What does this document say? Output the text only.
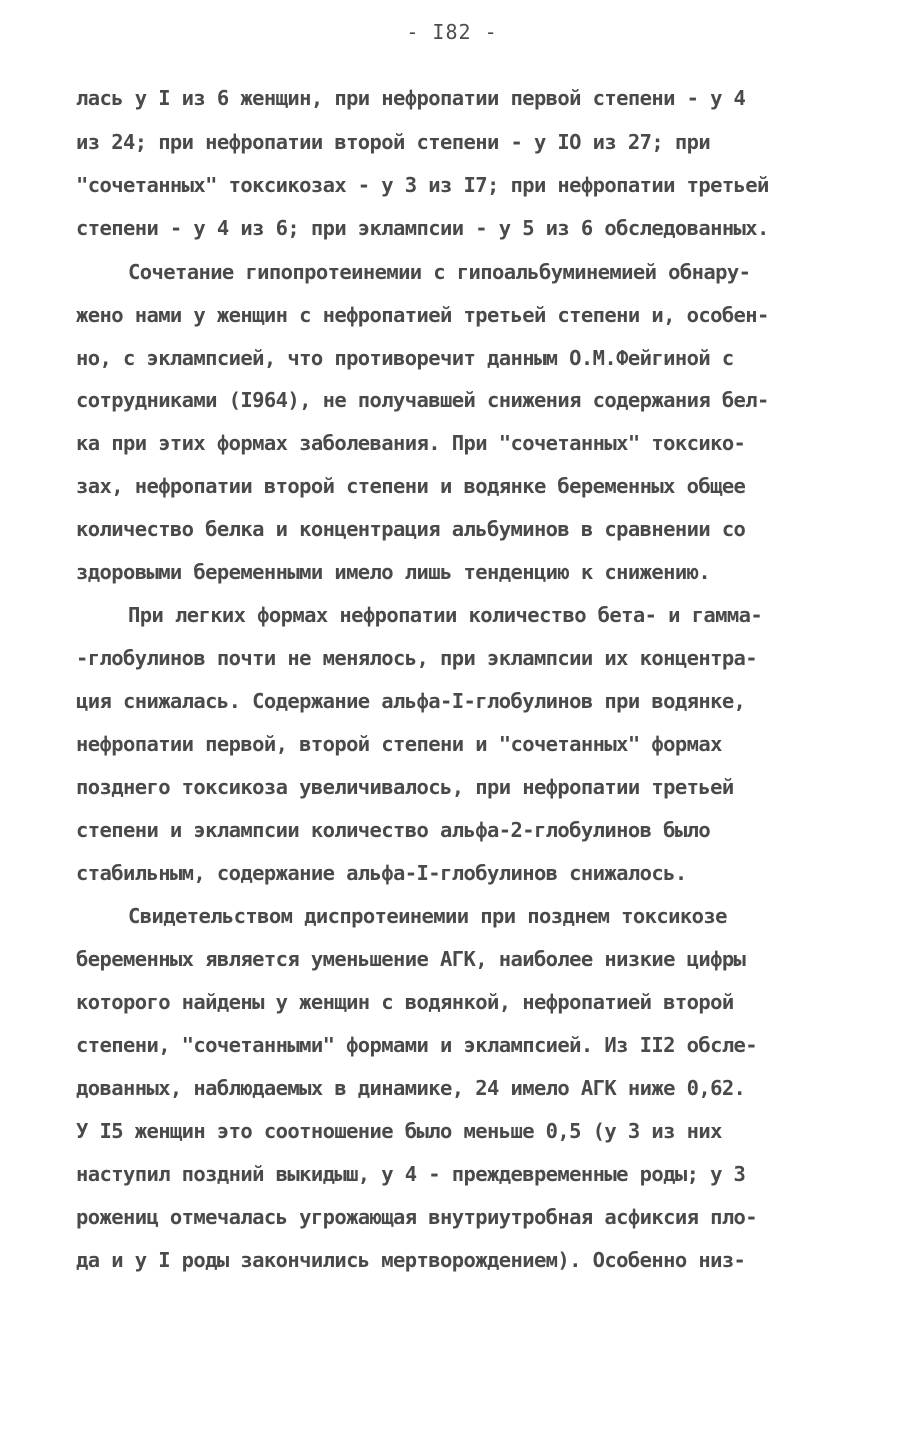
- I82 -
лась у I из 6 женщин, при нефропатии первой степени - у 4
из 24; при нефропатии второй степени - у IO из 27; при
"сочетанных" токсикозах - у 3 из I7; при нефропатии третьей
степени - у 4 из 6; при эклампсии - у 5 из 6 обследованных.
Сочетание гипопротеинемии с гипоальбуминемией обнару-
жено нами у женщин с нефропатией третьей степени и, особен-
но, с эклампсией, что противоречит данным О.М.Фейгиной с
сотрудниками (I964), не получавшей снижения содержания бел-
ка при этих формах заболевания. При "сочетанных" токсико-
зах, нефропатии второй степени и водянке беременных общее
количество белка и концентрация альбуминов в сравнении со
здоровыми беременными имело лишь тенденцию к снижению.
При легких формах нефропатии количество бета- и гамма-
-глобулинов почти не менялось, при эклампсии их концентра-
ция снижалась. Содержание альфа-I-глобулинов при водянке,
нефропатии первой, второй степени и "сочетанных" формах
позднего токсикоза увеличивалось, при нефропатии третьей
степени и эклампсии количество альфа-2-глобулинов было
стабильным, содержание альфа-I-глобулинов снижалось.
Свидетельством диспротеинемии при позднем токсикозе
беременных является уменьшение АГК, наиболее низкие цифры
которого найдены у женщин с водянкой, нефропатией второй
степени, "сочетанными" формами и эклампсией. Из II2 обсле-
дованных, наблюдаемых в динамике, 24 имело АГК ниже 0,62.
У I5 женщин это соотношение было меньше 0,5 (у 3 из них
наступил поздний выкидыш, у 4 - преждевременные роды; у 3
рожениц отмечалась угрожающая внутриутробная асфиксия пло-
да и у I роды закончились мертворождением). Особенно низ-
